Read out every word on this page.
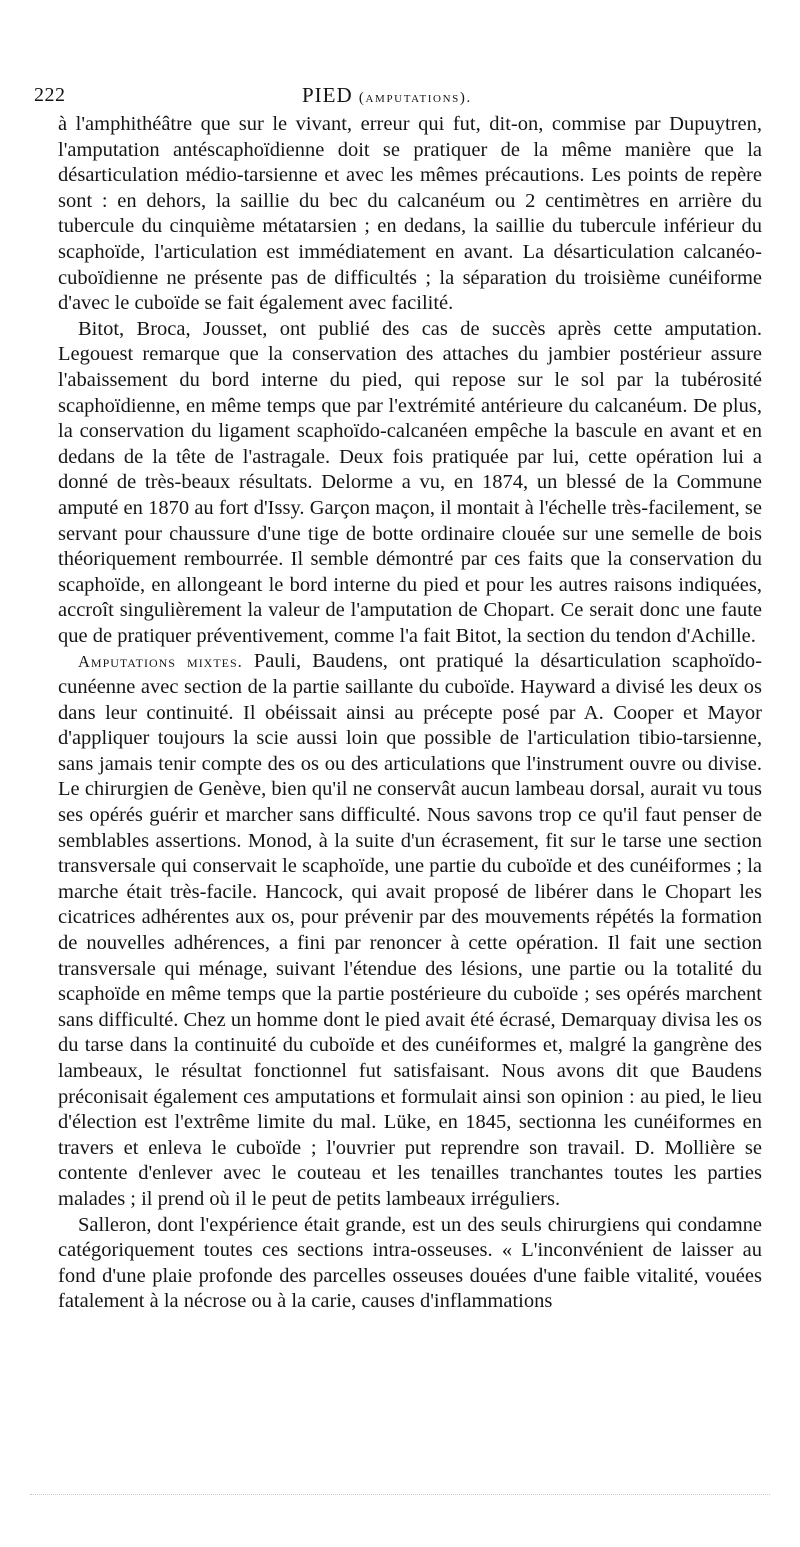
222	PIED (amputations).

à l'amphithéâtre que sur le vivant, erreur qui fut, dit-on, commise par Dupuytren, l'amputation antéscaphoïdienne doit se pratiquer de la même manière que la désarticulation médio-tarsienne et avec les mêmes précautions. Les points de repère sont : en dehors, la saillie du bec du calcanéum ou 2 centimètres en arrière du tubercule du cinquième métatarsien ; en dedans, la saillie du tubercule inférieur du scaphoïde, l'articulation est immédiatement en avant. La désarticulation calcanéo-cuboïdienne ne présente pas de difficultés ; la séparation du troisième cunéiforme d'avec le cuboïde se fait également avec facilité.

Bitot, Broca, Jousset, ont publié des cas de succès après cette amputation. Legouest remarque que la conservation des attaches du jambier postérieur assure l'abaissement du bord interne du pied, qui repose sur le sol par la tubérosité scaphoïdienne, en même temps que par l'extrémité antérieure du calcanéum. De plus, la conservation du ligament scaphoïdo-calcanéen empêche la bascule en avant et en dedans de la tête de l'astragale. Deux fois pratiquée par lui, cette opération lui a donné de très-beaux résultats. Delorme a vu, en 1874, un blessé de la Commune amputé en 1870 au fort d'Issy. Garçon maçon, il montait à l'échelle très-facilement, se servant pour chaussure d'une tige de botte ordinaire clouée sur une semelle de bois théoriquement rembourrée. Il semble démontré par ces faits que la conservation du scaphoïde, en allongeant le bord interne du pied et pour les autres raisons indiquées, accroît singulièrement la valeur de l'amputation de Chopart. Ce serait donc une faute que de pratiquer préventivement, comme l'a fait Bitot, la section du tendon d'Achille.

Amputations mixtes. Pauli, Baudens, ont pratiqué la désarticulation scaphoïdo-cunéenne avec section de la partie saillante du cuboïde. Hayward a divisé les deux os dans leur continuité. Il obéissait ainsi au précepte posé par A. Cooper et Mayor d'appliquer toujours la scie aussi loin que possible de l'articulation tibio-tarsienne, sans jamais tenir compte des os ou des articulations que l'instrument ouvre ou divise. Le chirurgien de Genève, bien qu'il ne conservât aucun lambeau dorsal, aurait vu tous ses opérés guérir et marcher sans difficulté. Nous savons trop ce qu'il faut penser de semblables assertions. Monod, à la suite d'un écrasement, fit sur le tarse une section transversale qui conservait le scaphoïde, une partie du cuboïde et des cunéiformes ; la marche était très-facile. Hancock, qui avait proposé de libérer dans le Chopart les cicatrices adhérentes aux os, pour prévenir par des mouvements répétés la formation de nouvelles adhérences, a fini par renoncer à cette opération. Il fait une section transversale qui ménage, suivant l'étendue des lésions, une partie ou la totalité du scaphoïde en même temps que la partie postérieure du cuboïde ; ses opérés marchent sans difficulté. Chez un homme dont le pied avait été écrasé, Demarquay divisa les os du tarse dans la continuité du cuboïde et des cunéiformes et, malgré la gangrène des lambeaux, le résultat fonctionnel fut satisfaisant. Nous avons dit que Baudens préconisait également ces amputations et formulait ainsi son opinion : au pied, le lieu d'élection est l'extrême limite du mal. Lüke, en 1845, sectionna les cunéiformes en travers et enleva le cuboïde ; l'ouvrier put reprendre son travail. D. Mollière se contente d'enlever avec le couteau et les tenailles tranchantes toutes les parties malades ; il prend où il le peut de petits lambeaux irréguliers.

Salleron, dont l'expérience était grande, est un des seuls chirurgiens qui condamne catégoriquement toutes ces sections intra-osseuses. « L'inconvénient de laisser au fond d'une plaie profonde des parcelles osseuses douées d'une faible vitalité, vouées fatalement à la nécrose ou à la carie, causes d'inflammations
